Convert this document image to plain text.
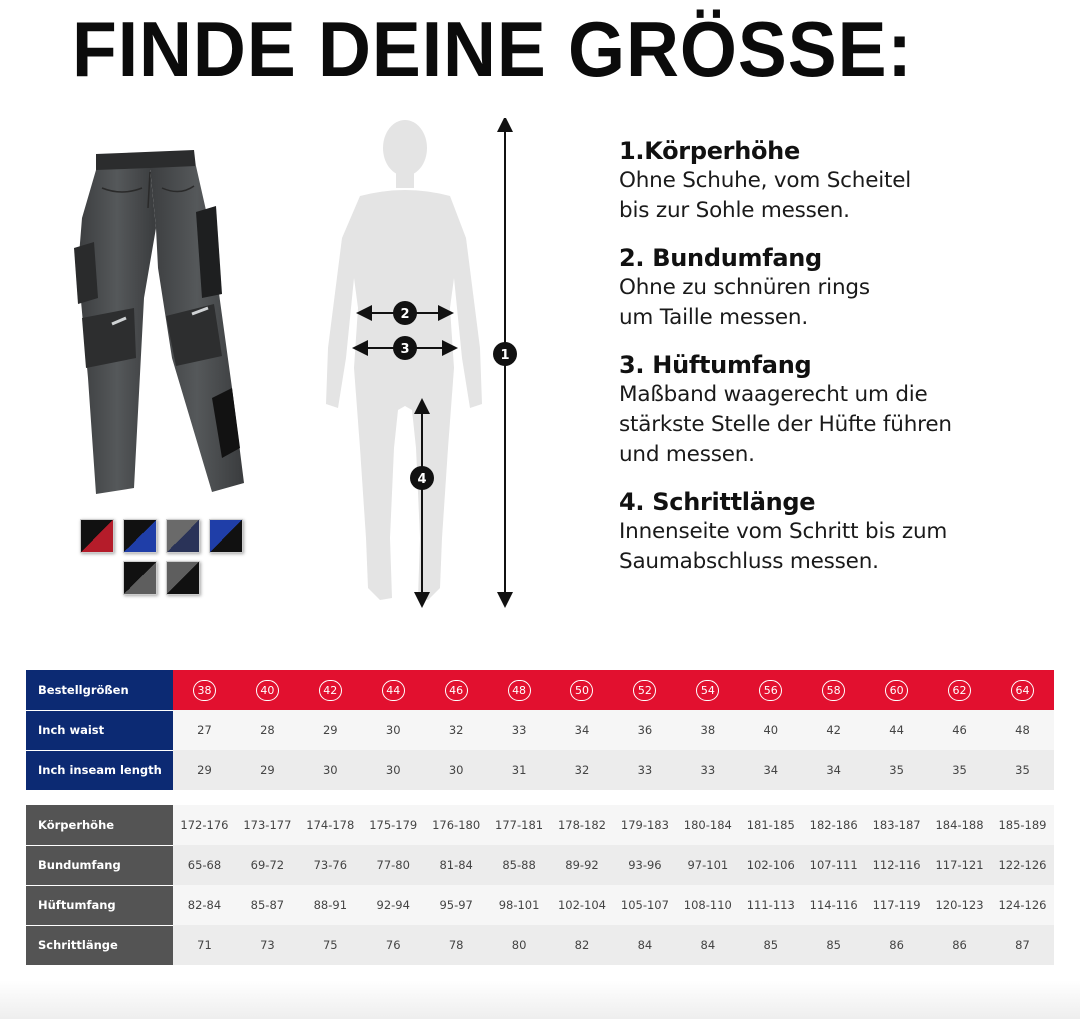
FINDE DEINE GRÖSSE:
1
2
3
4
1.Körperhöhe
Ohne Schuhe, vom Scheitel
bis zur Sohle messen.
2. Bundumfang
Ohne zu schnüren rings
um Taille messen.
3. Hüftumfang
Maßband waagerecht um die
stärkste Stelle der Hüfte führen
und messen.
4. Schrittlänge
Innenseite vom Schritt bis zum
Saumabschluss messen.
Bestellgrößen	38	40	42	44	46	48	50	52	54	56	58	60	62	64
Inch waist	27	28	29	30	32	33	34	36	38	40	42	44	46	48
Inch inseam length	29	29	30	30	30	31	32	33	33	34	34	35	35	35
Körperhöhe	172-176	173-177	174-178	175-179	176-180	177-181	178-182	179-183	180-184	181-185	182-186	183-187	184-188	185-189
Bundumfang	65-68	69-72	73-76	77-80	81-84	85-88	89-92	93-96	97-101	102-106	107-111	112-116	117-121	122-126
Hüftumfang	82-84	85-87	88-91	92-94	95-97	98-101	102-104	105-107	108-110	111-113	114-116	117-119	120-123	124-126
Schrittlänge	71	73	75	76	78	80	82	84	84	85	85	86	86	87
